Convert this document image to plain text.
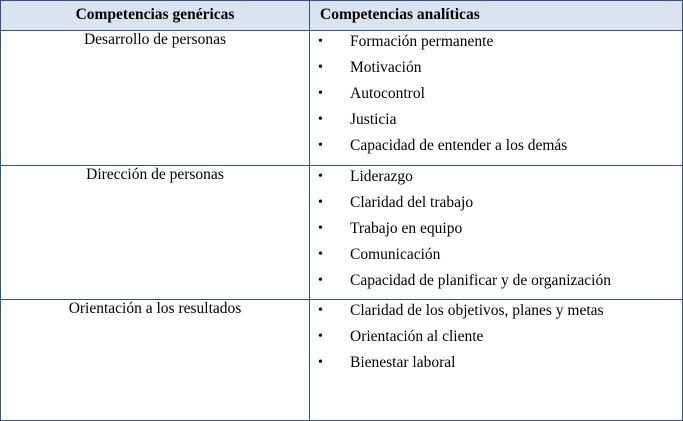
Competencias genéricas	Competencias analíticas
Desarrollo de personas	• Formación permanente
• Motivación
• Autocontrol
• Justicia
• Capacidad de entender a los demás

Dirección de personas	• Liderazgo
• Claridad del trabajo
• Trabajo en equipo
• Comunicación
• Capacidad de planificar y de organización

Orientación a los resultados	• Claridad de los objetivos, planes y metas
• Orientación al cliente
• Bienestar laboral
